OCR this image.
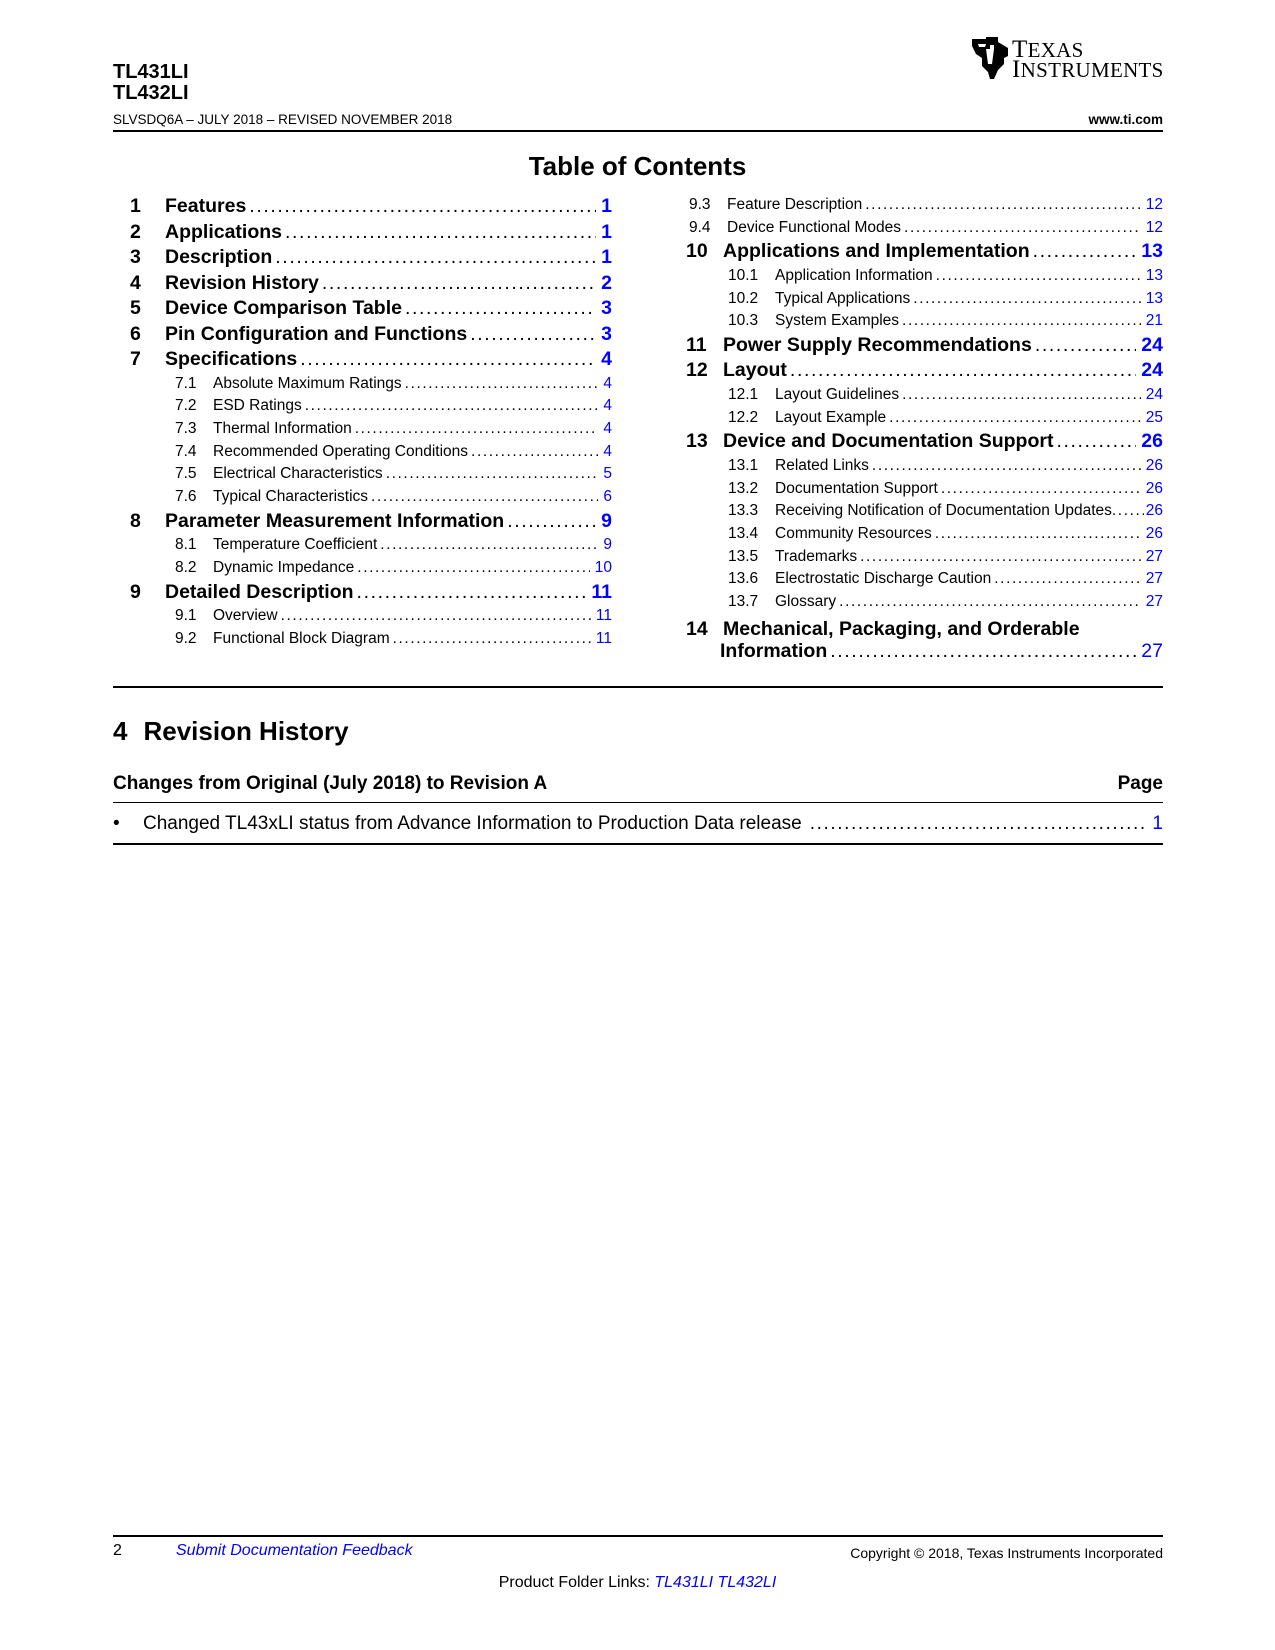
TL431LI
TL432LI
SLVSDQ6A – JULY 2018 – REVISED NOVEMBER 2018	www.ti.com
TEXAS
INSTRUMENTS
Table of Contents
1	Features .....	1
2	Applications .....	1
3	Description .....	1
4	Revision History .....	2
5	Device Comparison Table .....	3
6	Pin Configuration and Functions .....	3
7	Specifications .....	4
7.1	Absolute Maximum Ratings .....	4
7.2	ESD Ratings .....	4
7.3	Thermal Information .....	4
7.4	Recommended Operating Conditions .....	4
7.5	Electrical Characteristics .....	5
7.6	Typical Characteristics .....	6
8	Parameter Measurement Information .....	9
8.1	Temperature Coefficient .....	9
8.2	Dynamic Impedance .....	10
9	Detailed Description .....	11
9.1	Overview .....	11
9.2	Functional Block Diagram .....	11
9.3	Feature Description .....	12
9.4	Device Functional Modes .....	12
10 Applications and Implementation .....	13
10.1	Application Information .....	13
10.2	Typical Applications .....	13
10.3	System Examples .....	21
11 Power Supply Recommendations .....	24
12 Layout .....	24
12.1	Layout Guidelines .....	24
12.2	Layout Example .....	25
13 Device and Documentation Support .....	26
13.1	Related Links .....	26
13.2	Documentation Support .....	26
13.3	Receiving Notification of Documentation Updates ..... 26
13.4	Community Resources .....	26
13.5	Trademarks .....	27
13.6	Electrostatic Discharge Caution .....	27
13.7	Glossary .....	27
14 Mechanical, Packaging, and Orderable
Information .....	27
4 Revision History
Changes from Original (July 2018) to Revision A	Page
•	Changed TL43xLI status from Advance Information to Production Data release .....	1
2	Submit Documentation Feedback	Copyright © 2018, Texas Instruments Incorporated
Product Folder Links: TL431LI TL432LI
